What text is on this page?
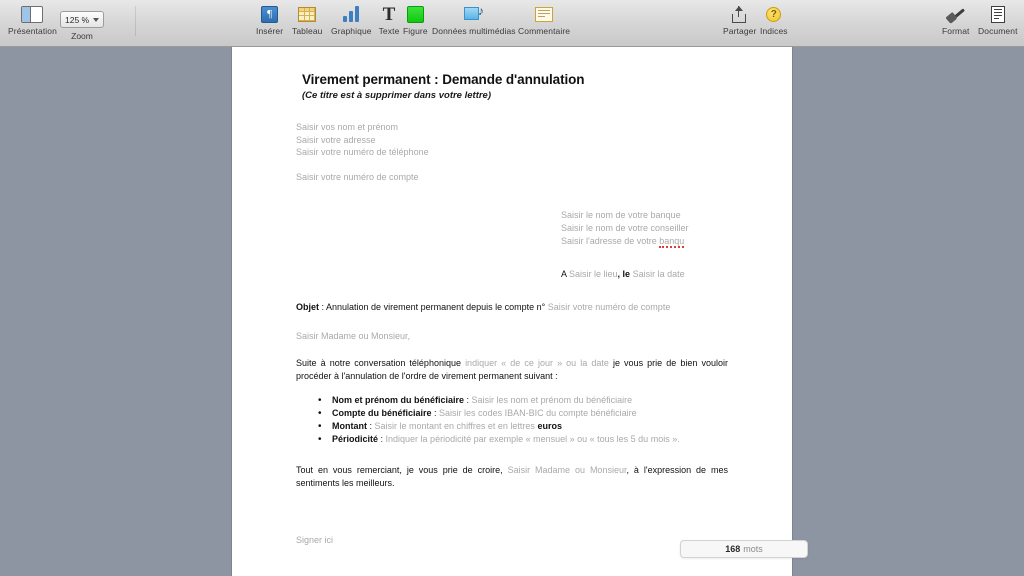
Présentation
125 %
Zoom
¶
Insérer Tableau Graphique
T
Texte Figure
♪
Données multimédias Commentaire	Partager
?
Indices	Format Document
Virement permanent : Demande d'annulation
(Ce titre est à supprimer dans votre lettre)
Saisir vos nom et prénom
Saisir votre adresse
Saisir votre numéro de téléphone
Saisir votre numéro de compte
Saisir le nom de votre banque
Saisir le nom de votre conseiller
Saisir l'adresse de votre banqu
A Saisir le lieu, le Saisir la date
Objet : Annulation de virement permanent depuis le compte n° Saisir votre numéro de compte
Saisir Madame ou Monsieur,
Suite à notre conversation téléphonique indiquer « de ce jour » ou la date je vous prie de bien vouloir procéder à l'annulation de l'ordre de virement permanent suivant :
• Nom et prénom du bénéficiaire : Saisir les nom et prénom du bénéficiaire
• Compte du bénéficiaire : Saisir les codes IBAN-BIC du compte bénéficiaire
• Montant : Saisir le montant en chiffres et en lettres euros
• Périodicité : Indiquer la périodicité par exemple « mensuel » ou « tous les 5 du mois ».
Tout en vous remerciant, je vous prie de croire, Saisir Madame ou Monsieur, à l'expression de mes sentiments les meilleurs.
Signer ici
168 mots
